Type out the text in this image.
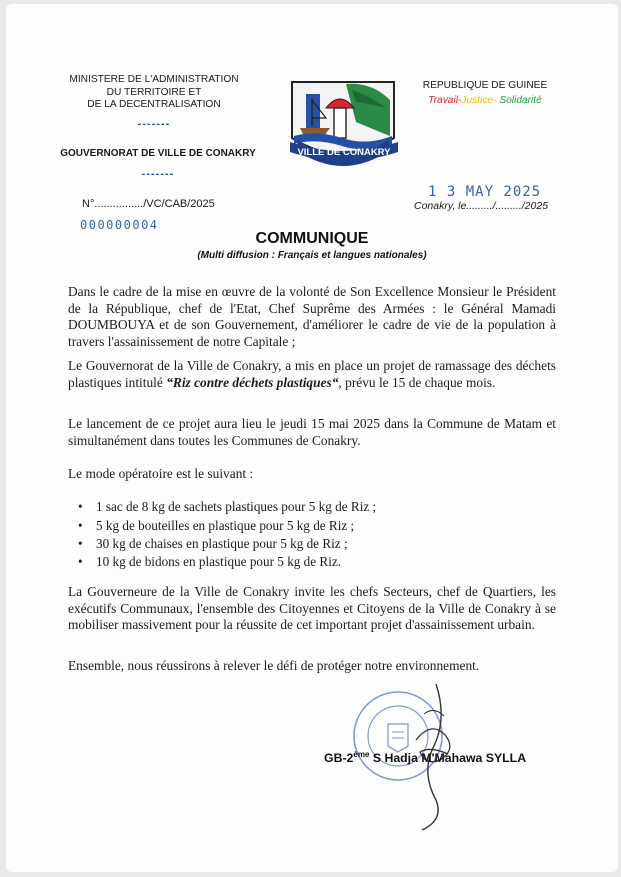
MINISTERE DE L'ADMINISTRATION
DU TERRITOIRE ET
DE LA DECENTRALISATION
-------
GOUVERNORAT DE VILLE DE CONAKRY
-------
VILLE DE CONAKRY
REPUBLIQUE DE GUINEE
Travail-Justice- Solidarité
N°................/VC/CAB/2025
1 3 MAY 2025
Conakry, le........./........./2025
000000004
COMMUNIQUE
(Multi diffusion : Français et langues nationales)

Dans le cadre de la mise en œuvre de la volonté de Son Excellence Monsieur le Président de la République, chef de l'Etat, Chef Suprême des Armées : le Général Mamadi DOUMBOUYA et de son Gouvernement, d'améliorer le cadre de vie de la population à travers l'assainissement de notre Capitale ;

Le Gouvernorat de la Ville de Conakry, a mis en place un projet de ramassage des déchets plastiques intitulé “Riz contre déchets plastiques“, prévu le 15 de chaque mois.

Le lancement de ce projet aura lieu le jeudi 15 mai 2025 dans la Commune de Matam et simultanément dans toutes les Communes de Conakry.

Le mode opératoire est le suivant :

• 1 sac de 8 kg de sachets plastiques pour 5 kg de Riz ;
• 5 kg de bouteilles en plastique pour 5 kg de Riz ;
• 30 kg de chaises en plastique pour 5 kg de Riz ;
• 10 kg de bidons en plastique pour 5 kg de Riz.

La Gouverneure de la Ville de Conakry invite les chefs Secteurs, chef de Quartiers, les exécutifs Communaux, l'ensemble des Citoyennes et Citoyens de la Ville de Conakry à se mobiliser massivement pour la réussite de cet important projet d'assainissement urbain.

Ensemble, nous réussirons à relever le défi de protéger notre environnement.

GB-2ème S Hadja M'Mahawa SYLLA
